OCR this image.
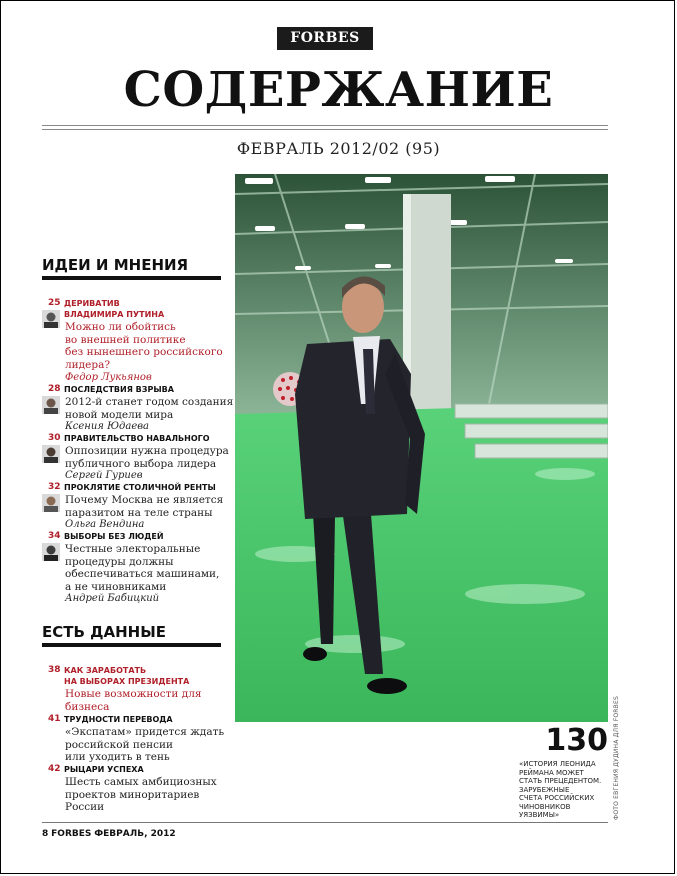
FORBES
СОДЕРЖАНИЕ
ФЕВРАЛЬ 2012/02 (95)
ИДЕИ И МНЕНИЯ
25 ДЕРИВАТИВ
ВЛАДИМИРА ПУТИНА
Можно ли обойтись
во внешней политике
без нынешнего российского
лидера?
Федор Лукьянов
28 ПОСЛЕДСТВИЯ ВЗРЫВА
2012-й станет годом создания
новой модели мира
Ксения Юдаева
30 ПРАВИТЕЛЬСТВО НАВАЛЬНОГО
Оппозиции нужна процедура
публичного выбора лидера
Сергей Гуриев
32 ПРОКЛЯТИЕ СТОЛИЧНОЙ РЕНТЫ
Почему Москва не является
паразитом на теле страны
Ольга Вендина
34 ВЫБОРЫ БЕЗ ЛЮДЕЙ
Честные электоральные
процедуры должны
обеспечиваться машинами,
а не чиновниками
Андрей Бабицкий
ЕСТЬ ДАННЫЕ
38 КАК ЗАРАБОТАТЬ
НА ВЫБОРАХ ПРЕЗИДЕНТА
Новые возможности для
бизнеса
41 ТРУДНОСТИ ПЕРЕВОДА
«Экспатам» придется ждать
российской пенсии
или уходить в тень
42 РЫЦАРИ УСПЕХА
Шесть самых амбициозных
проектов миноритариев
России
130
«ИСТОРИЯ ЛЕОНИДА
РЕЙМАНА МОЖЕТ
СТАТЬ ПРЕЦЕДЕНТОМ.
ЗАРУБЕЖНЫЕ
СЧЕТА РОССИЙСКИХ
ЧИНОВНИКОВ
УЯЗВИМЫ»	ФОТО ЕВГЕНИЯ ДУДИНА ДЛЯ FORBES
8 FORBES ФЕВРАЛЬ, 2012
